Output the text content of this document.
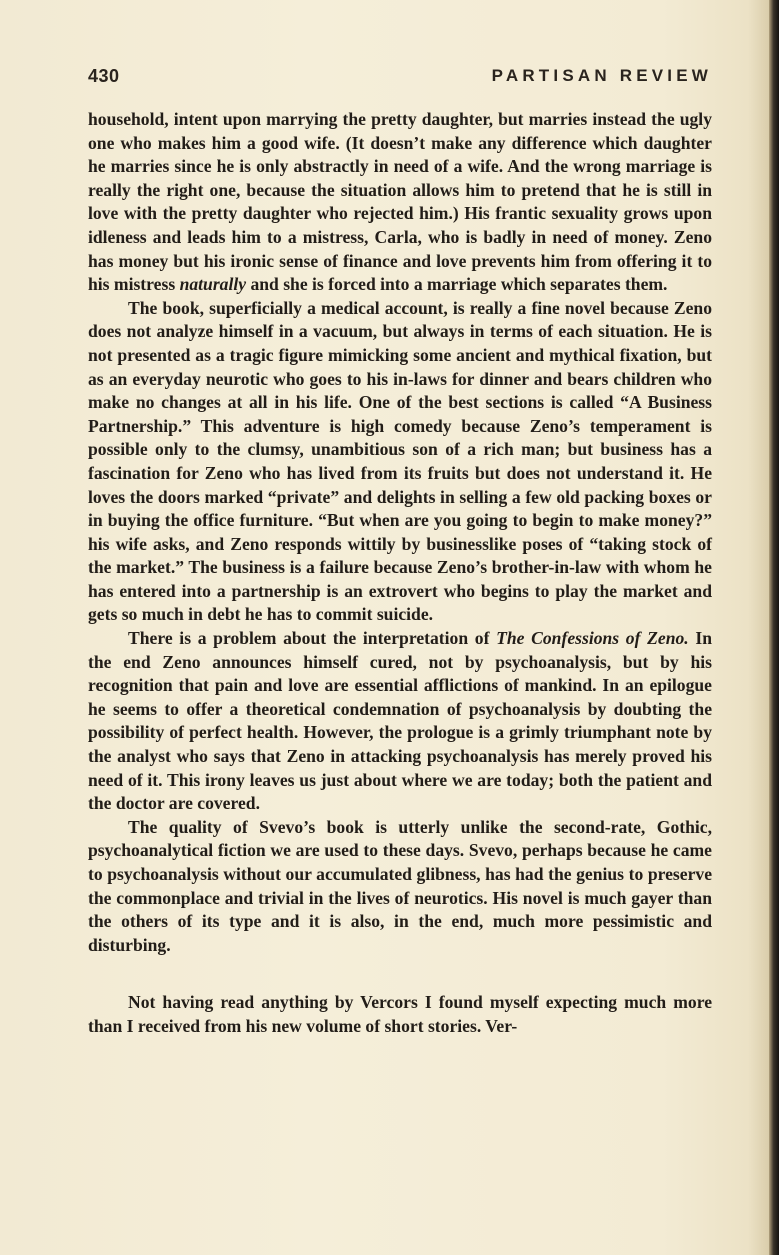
430	PARTISAN REVIEW

household, intent upon marrying the pretty daughter, but marries instead the ugly one who makes him a good wife. (It doesn’t make any difference which daughter he marries since he is only abstractly in need of a wife. And the wrong marriage is really the right one, because the situation allows him to pretend that he is still in love with the pretty daughter who rejected him.) His frantic sexuality grows upon idleness and leads him to a mistress, Carla, who is badly in need of money. Zeno has money but his ironic sense of finance and love prevents him from offering it to his mistress naturally and she is forced into a marriage which separates them.

The book, superficially a medical account, is really a fine novel because Zeno does not analyze himself in a vacuum, but always in terms of each situation. He is not presented as a tragic figure mimicking some ancient and mythical fixation, but as an everyday neurotic who goes to his in-laws for dinner and bears children who make no changes at all in his life. One of the best sections is called “A Business Partnership.” This adventure is high comedy because Zeno’s temperament is possible only to the clumsy, unambitious son of a rich man; but business has a fascination for Zeno who has lived from its fruits but does not understand it. He loves the doors marked “private” and delights in selling a few old packing boxes or in buying the office furniture. “But when are you going to begin to make money?” his wife asks, and Zeno responds wittily by businesslike poses of “taking stock of the market.” The business is a failure because Zeno’s brother-in-law with whom he has entered into a partnership is an extrovert who begins to play the market and gets so much in debt he has to commit suicide.

There is a problem about the interpretation of The Confessions of Zeno. In the end Zeno announces himself cured, not by psychoanalysis, but by his recognition that pain and love are essential afflictions of mankind. In an epilogue he seems to offer a theoretical condemnation of psychoanalysis by doubting the possibility of perfect health. However, the prologue is a grimly triumphant note by the analyst who says that Zeno in attacking psychoanalysis has merely proved his need of it. This irony leaves us just about where we are today; both the patient and the doctor are covered.

The quality of Svevo’s book is utterly unlike the second-rate, Gothic, psychoanalytical fiction we are used to these days. Svevo, perhaps because he came to psychoanalysis without our accumulated glibness, has had the genius to preserve the commonplace and trivial in the lives of neurotics. His novel is much gayer than the others of its type and it is also, in the end, much more pessimistic and disturbing.

Not having read anything by Vercors I found myself expecting much more than I received from his new volume of short stories. Ver-
